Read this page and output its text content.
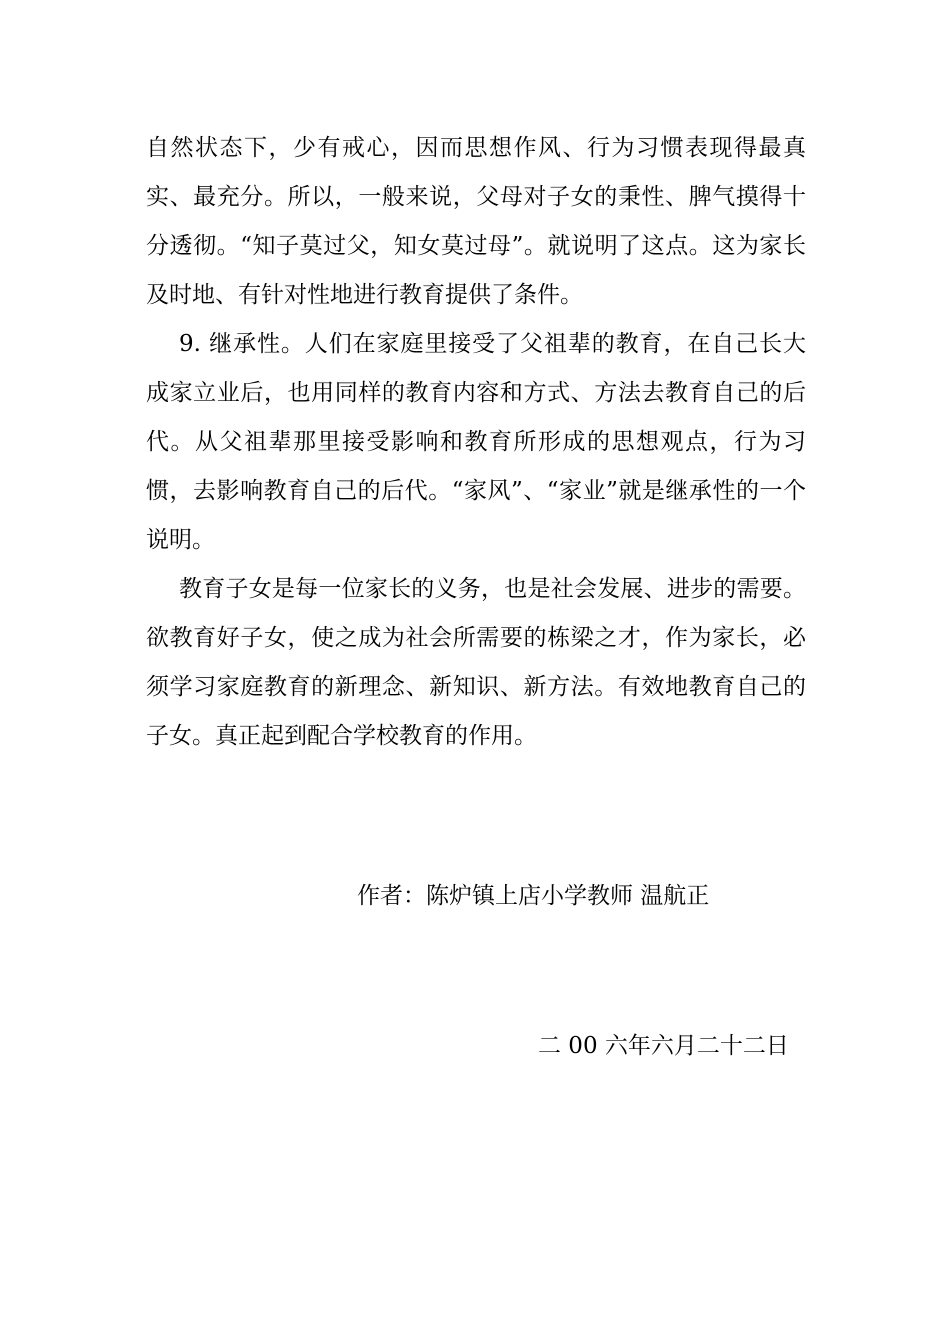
自然状态下，少有戒心，因而思想作风、行为习惯表现得最真实、最充分。所以，一般来说，父母对子女的秉性、脾气摸得十分透彻。“知子莫过父，知女莫过母”。就说明了这点。这为家长及时地、有针对性地进行教育提供了条件。

9. 继承性。人们在家庭里接受了父祖辈的教育，在自己长大成家立业后，也用同样的教育内容和方式、方法去教育自己的后代。从父祖辈那里接受影响和教育所形成的思想观点，行为习惯，去影响教育自己的后代。“家风”、“家业”就是继承性的一个说明。

教育子女是每一位家长的义务，也是社会发展、进步的需要。欲教育好子女，使之成为社会所需要的栋梁之才，作为家长，必须学习家庭教育的新理念、新知识、新方法。有效地教育自己的子女。真正起到配合学校教育的作用。

作者：陈炉镇上店小学教师 温航正
二 00 六年六月二十二日
